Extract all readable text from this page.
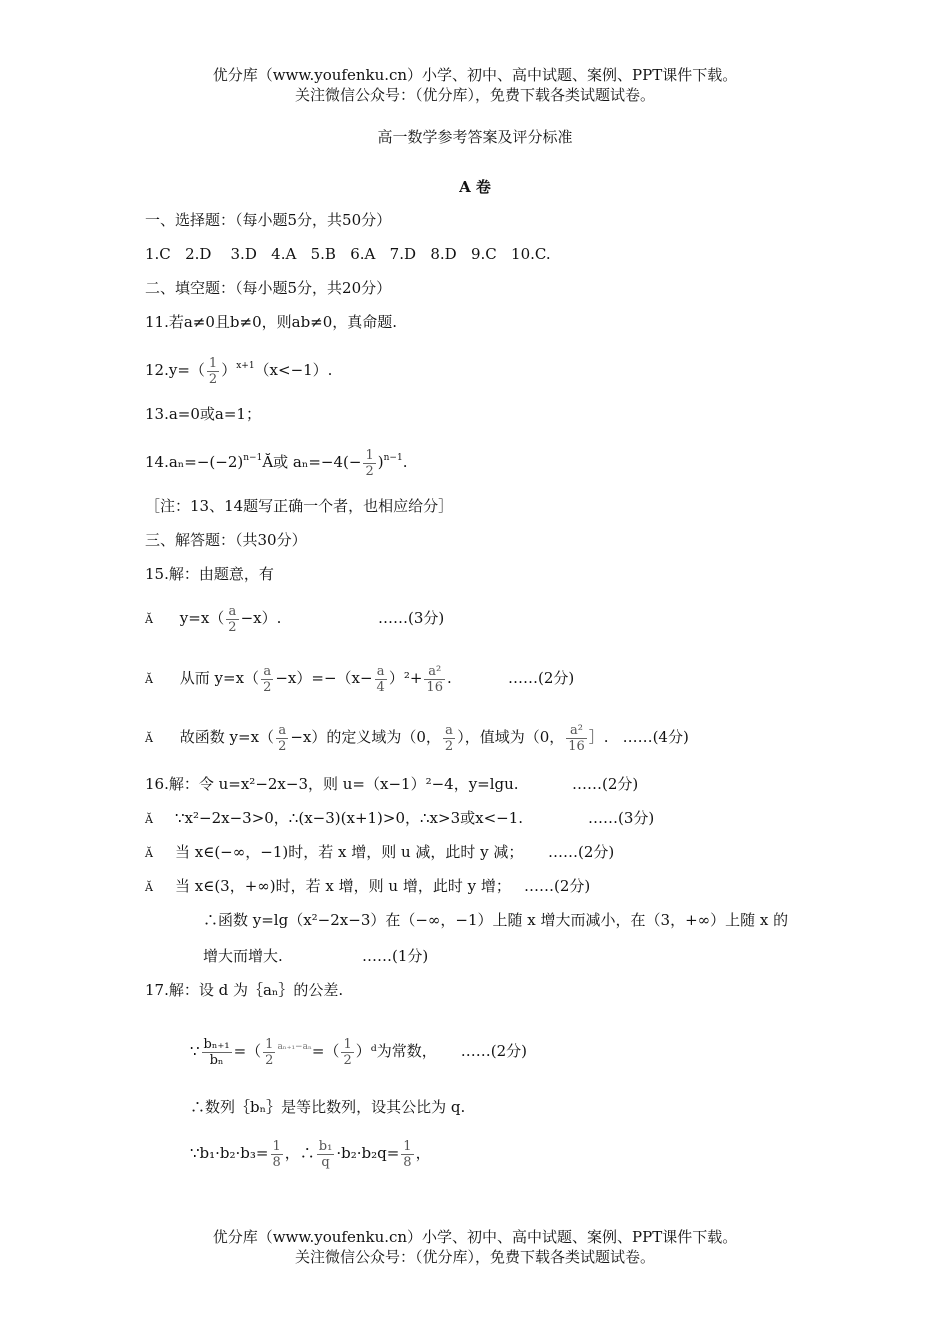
优分库（www.youfenku.cn）小学、初中、高中试题、案例、PPT课件下载。
关注微信公众号：（优分库），免费下载各类试题试卷。
高一数学参考答案及评分标准
A 卷
一、选择题：（每小题5分，共50分）
1.C   2.D    3.D   4.A   5.B   6.A   7.D   8.D   9.C   10.C.
二、填空题：（每小题5分，共20分）
11.若a≠0且b≠0，则ab≠0，真命题.
$12.y=( \frac{1}{2} )^{x+1}(x<-1)$.
13.a=0或a=1；
$14.a_n=-(-2)^{n-1}Ă$或 $a_n=-4(- \frac{1}{2} )^{n-1}$.
［注：13、14题写正确一个者，也相应给分］
三、解答题：（共30分）
15.解：由题意，有
Ă $y=x( \frac{a}{2} -x)$.	……(3分)
Ă 从而 $y=x( \frac{a}{2} -x)=-(x- \frac{a}{4} )^2+ \frac{\text{a²}}{16}$ .	……(2分)
Ă 故函数 $y=x( \frac{a}{2} -x)$的定义域为（0， $\frac{a}{2}$ ），值域为（0， $\frac{\text{a²}}{16}$ ］. ……(4分)
16.解：令 u=x²−2x−3，则 u=（x−1）²−4，y=lgu.	……(2分)
Ă ∵x²−2x−3>0，∴(x−3)(x+1)>0，∴x>3或x<−1.	……(3分)
Ă 当 x∈(−∞，−1)时，若 x 增，则 u 减，此时 y 减； ……(2分)
Ă 当 x∈(3，+∞)时，若 x 增，则 u 增，此时 y 增； ……(2分)
∴函数 y=lg（x²−2x−3）在（−∞，−1）上随 x 增大而减小，在（3，+∞）上随 x 的
增大而增大.	……(1分)
17.解：设 d 为｛aₙ｝的公差.
∵ $\frac{\text{bₙ₊₁}}{\text{bₙ}}$ =（ $\frac{1}{2} ^{a_{n+1}-a_n}=( \frac{1}{2}$ ）ᵈ为常数， ……(2分)
∴数列｛bₙ｝是等比数列，设其公比为 q.
∵b₁·b₂·b₃= $\frac{1}{8}$ ，∴ $\frac{\text{b₁}}{q} \cdot b_2\cdot b_2q= \frac{1}{8}$ ，
优分库（www.youfenku.cn）小学、初中、高中试题、案例、PPT课件下载。
关注微信公众号：（优分库），免费下载各类试题试卷。
